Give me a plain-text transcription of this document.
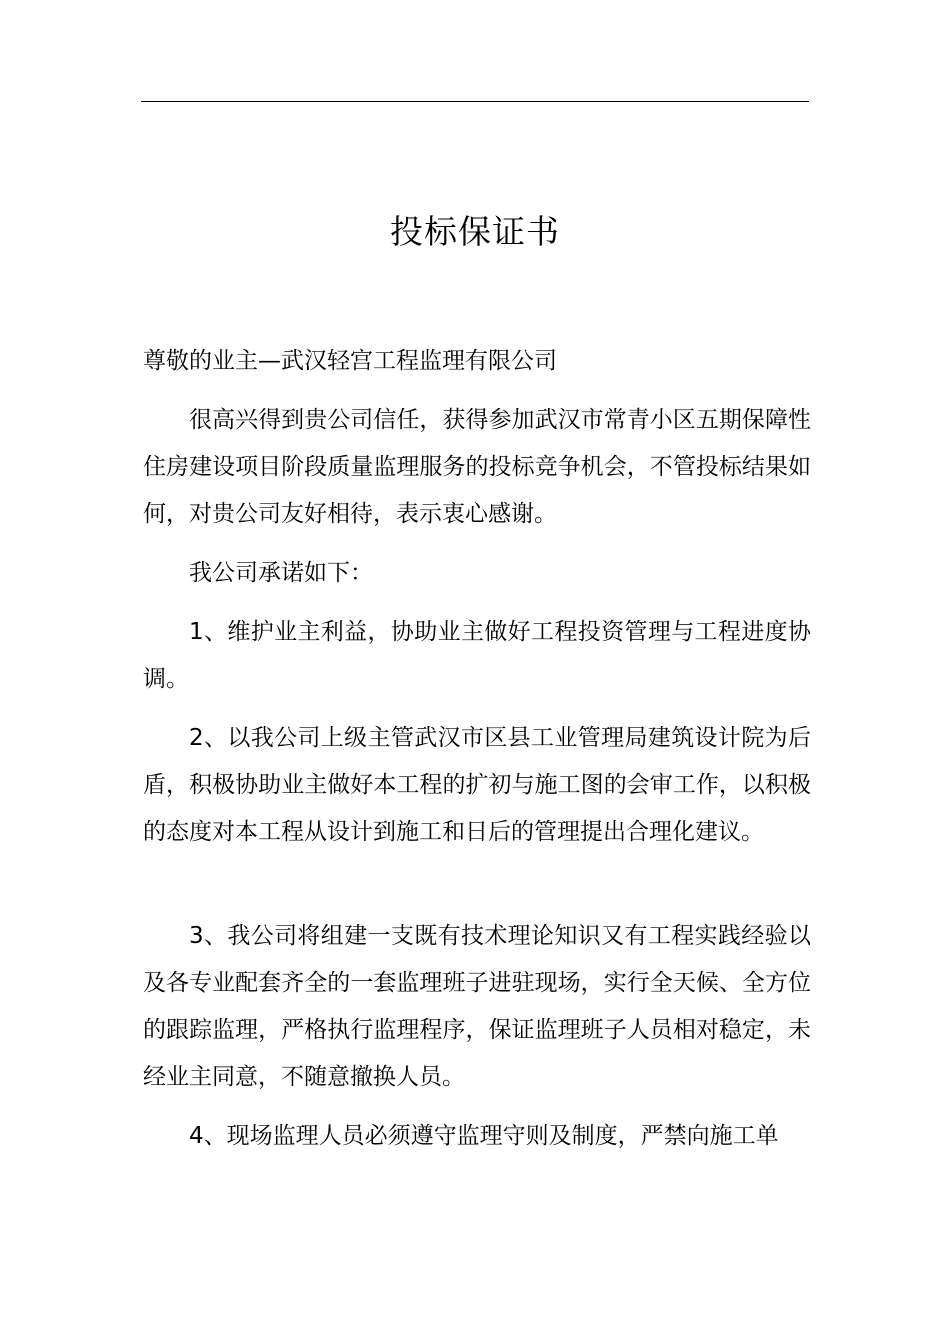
投标保证书
尊敬的业主—武汉轻宫工程监理有限公司

很高兴得到贵公司信任，获得参加武汉市常青小区五期保障性住房建设项目阶段质量监理服务的投标竞争机会，不管投标结果如何，对贵公司友好相待，表示衷心感谢。

我公司承诺如下：

1、维护业主利益，协助业主做好工程投资管理与工程进度协调。

2、以我公司上级主管武汉市区县工业管理局建筑设计院为后盾，积极协助业主做好本工程的扩初与施工图的会审工作，以积极的态度对本工程从设计到施工和日后的管理提出合理化建议。

3、我公司将组建一支既有技术理论知识又有工程实践经验以及各专业配套齐全的一套监理班子进驻现场，实行全天候、全方位的跟踪监理，严格执行监理程序，保证监理班子人员相对稳定，未经业主同意，不随意撤换人员。

4、现场监理人员必须遵守监理守则及制度，严禁向施工单
